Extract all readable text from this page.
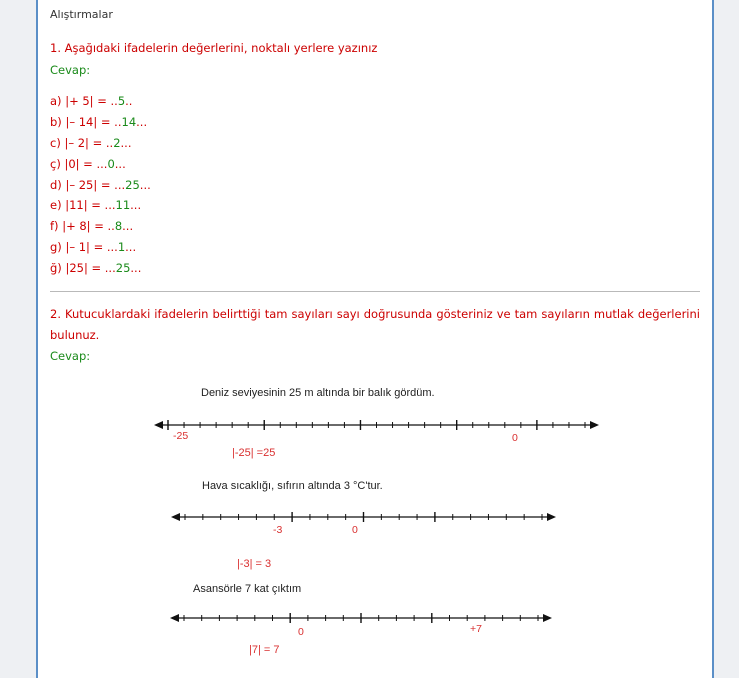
Alıştırmalar
1. Aşağıdaki ifadelerin değerlerini, noktalı yerlere yazınız
Cevap:
a) |+ 5| = ..5..
b) |– 14| = ..14...
c) |– 2| = ..2...
ç) |0| = ...0...
d) |– 25| = ...25...
e) |11| = ...11...
f) |+ 8| = ..8...
g) |– 1| = ...1...
ğ) |25| = ...25...
2. Kutucuklardaki ifadelerin belirttiği tam sayıları sayı doğrusunda gösteriniz ve tam sayıların mutlak değerlerini bulunuz.
Cevap:
Deniz seviyesinin 25 m altında bir balık gördüm.
-25	0
|-25| =25
Hava sıcaklığı, sıfırın altında 3 °C'tur.
-3	0
|-3| = 3
Asansörle 7 kat çıktım
0	+7
|7| = 7
